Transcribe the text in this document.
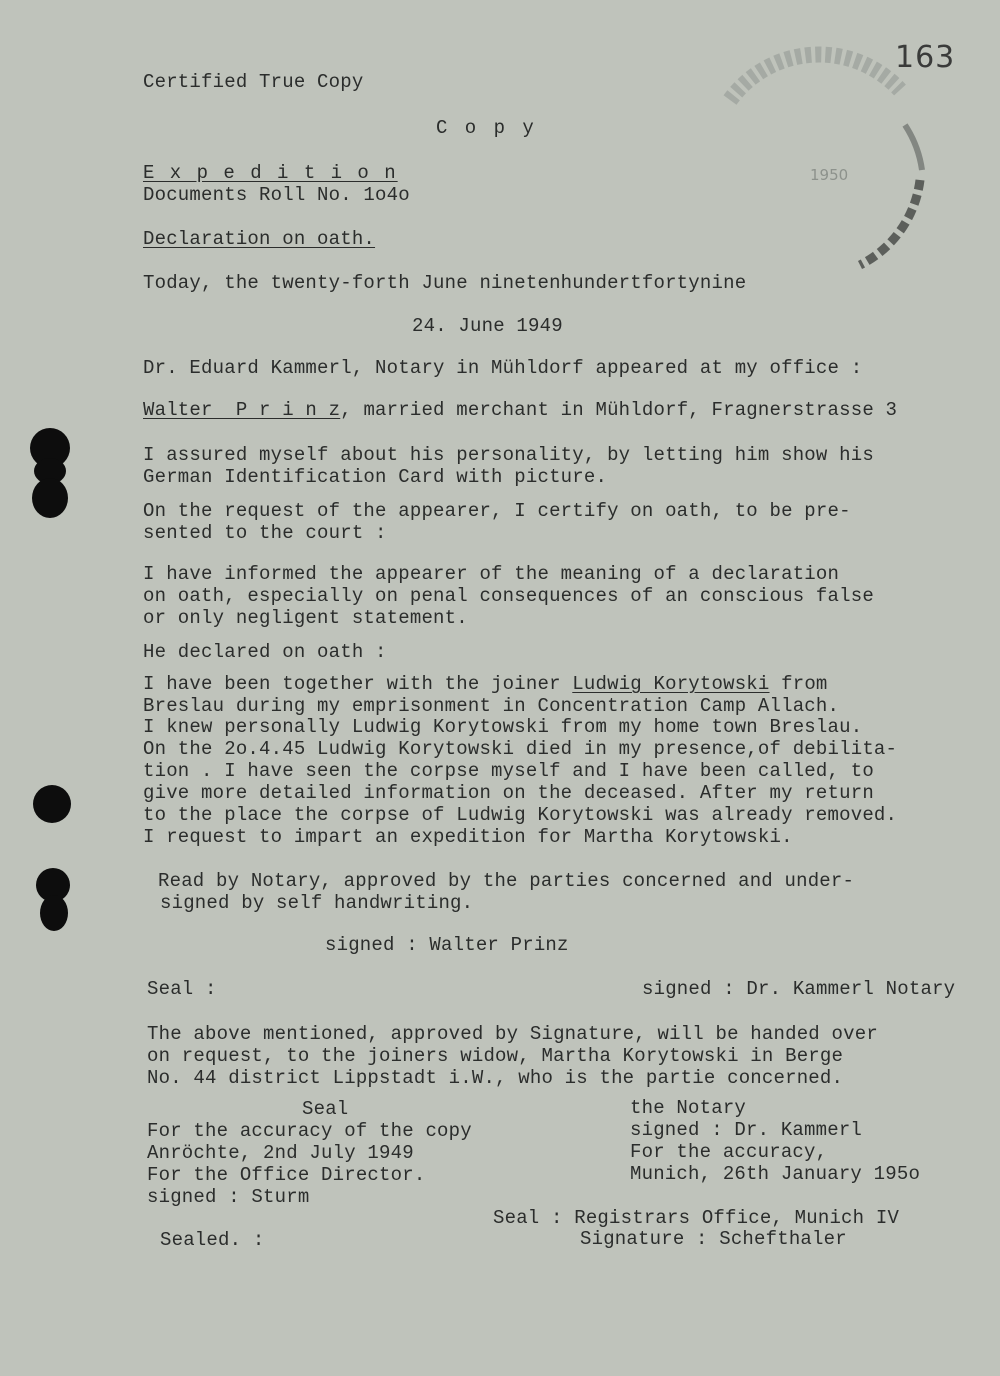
163
1950
Certified True Copy
C o p y
E x p e d i t i o n
Documents Roll No. 1o4o
Declaration on oath.
Today, the twenty-forth June ninetenhundertfortynine
24. June 1949
Dr. Eduard Kammerl, Notary in Mühldorf appeared at my office :
Walter  P r i n z, married merchant in Mühldorf, Fragnerstrasse 3
I assured myself about his personality, by letting him show his
German Identification Card with picture.
On the request of the appearer, I certify on oath, to be pre-
sented to the court :
I have informed the appearer of the meaning of a declaration
on oath, especially on penal consequences of an conscious false
or only negligent statement.
He declared on oath :
I have been together with the joiner Ludwig Korytowski from
Breslau during my emprisonment in Concentration Camp Allach.
I knew personally Ludwig Korytowski from my home town Breslau.
On the 2o.4.45 Ludwig Korytowski died in my presence,of debilita-
tion . I have seen the corpse myself and I have been called, to
give more detailed information on the deceased. After my return
to the place the corpse of Ludwig Korytowski was already removed.
I request to impart an expedition for Martha Korytowski.
Read by Notary, approved by the parties concerned and under-
signed by self handwriting.
signed : Walter Prinz
Seal :	signed : Dr. Kammerl Notary
The above mentioned, approved by Signature, will be handed over
on request, to the joiners widow, Martha Korytowski in Berge
No. 44 district Lippstadt i.W., who is the partie concerned.
Seal
For the accuracy of the copy
Anröchte, 2nd July 1949
For the Office Director.
signed : Sturm
the Notary
signed : Dr. Kammerl
For the accuracy,
Munich, 26th January 195o
Seal : Registrars Office, Munich IV
Signature : Schefthaler
Sealed. :
